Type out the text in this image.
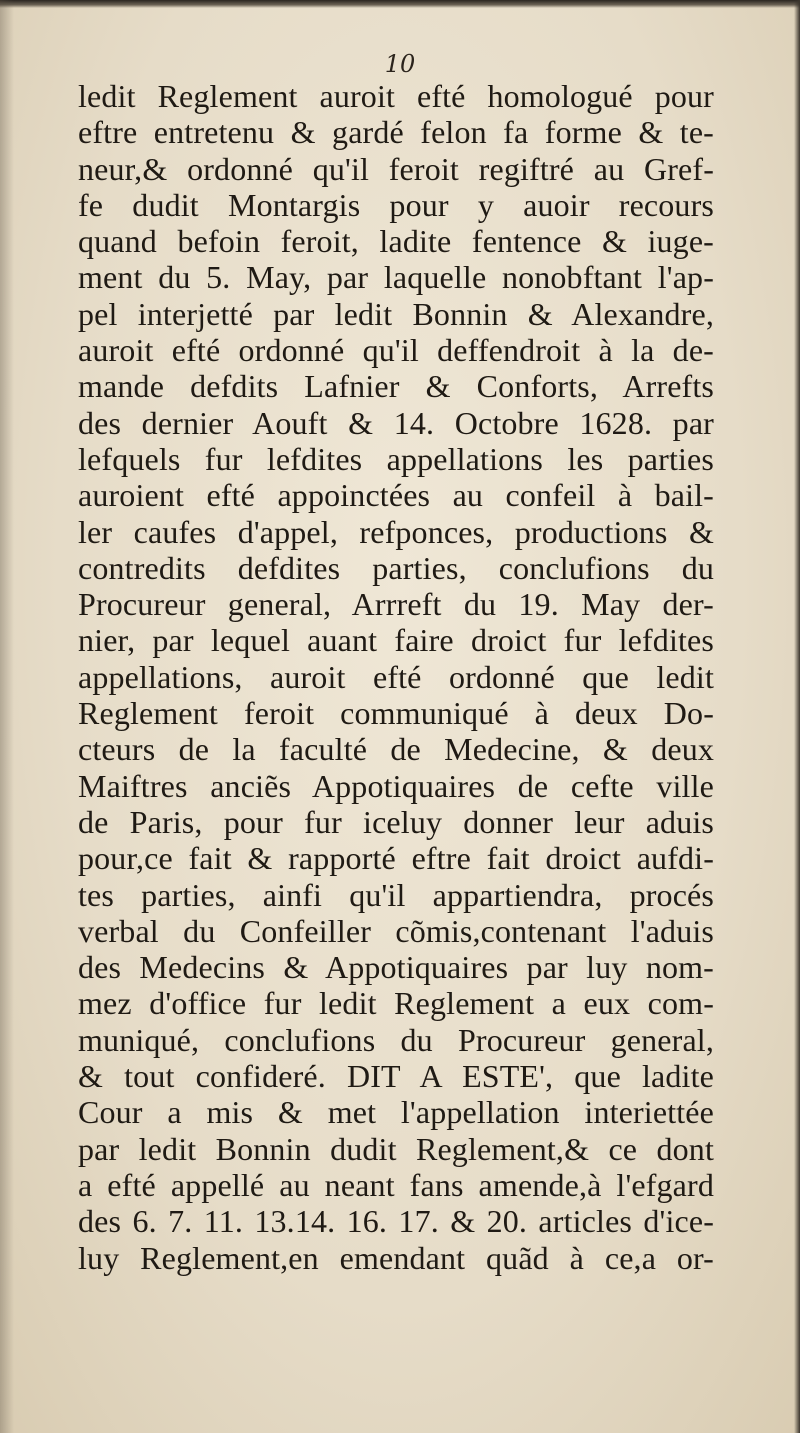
10
ledit Reglement auroit efté homologué pour
eftre entretenu & gardé felon fa forme & te-
neur,& ordonné qu'il feroit regiftré au Gref-
fe dudit Montargis pour y auoir recours
quand befoin feroit, ladite fentence & iuge-
ment du 5. May, par laquelle nonobftant l'ap-
pel interjetté par ledit Bonnin & Alexandre,
auroit efté ordonné qu'il deffendroit à la de-
mande defdits Lafnier & Conforts, Arrefts
des dernier Aouft & 14. Octobre 1628. par
lefquels fur lefdites appellations les parties
auroient efté appoinctées au confeil à bail-
ler caufes d'appel, refponces, productions &
contredits defdites parties, conclufions du
Procureur general, Arrreft du 19. May der-
nier, par lequel auant faire droict fur lefdites
appellations, auroit efté ordonné que ledit
Reglement feroit communiqué à deux Do-
cteurs de la faculté de Medecine, & deux
Maiftres anciẽs Appotiquaires de cefte ville
de Paris, pour fur iceluy donner leur aduis
pour,ce fait & rapporté eftre fait droict aufdi-
tes parties, ainfi qu'il appartiendra, procés
verbal du Confeiller cõmis,contenant l'aduis
des Medecins & Appotiquaires par luy nom-
mez d'office fur ledit Reglement a eux com-
muniqué, conclufions du Procureur general,
& tout confideré. DIT A ESTE', que ladite
Cour a mis & met l'appellation interiettée
par ledit Bonnin dudit Reglement,& ce dont
a efté appellé au neant fans amende,à l'efgard
des 6. 7. 11. 13.14. 16. 17. & 20. articles d'ice-
luy Reglement,en emendant quãd à ce,a or-
